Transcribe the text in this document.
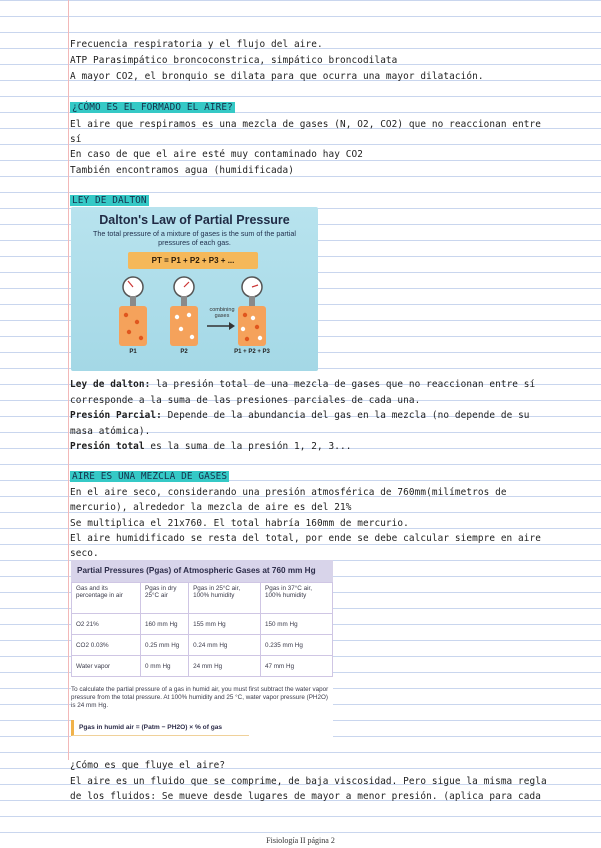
Frecuencia respiratoria y el flujo del aire.
ATP Parasimpático broncoconstrica, simpático broncodilata
A mayor CO2, el bronquio se dilata para que ocurra una mayor dilatación.
¿CÓMO ES EL FORMADO EL AIRE?
El aire que respiramos es una mezcla de gases (N, O2, CO2) que no reaccionan entre
sí
En caso de que el aire esté muy contaminado hay CO2
También encontramos agua (humidificada)
LEY DE DALTON
Dalton's Law of Partial Pressure
The total pressure of a mixture of gases is the sum of the partial pressures of each gas.
PT = P1 + P2 + P3 + ...
combining gases
P1	P2	P1 + P2 + P3
Ley de dalton: la presión total de una mezcla de gases que no reaccionan entre sí
corresponde a la suma de las presiones parciales de cada una.
Presión Parcial: Depende de la abundancia del gas en la mezcla (no depende de su
masa atómica).
Presión total es la suma de la presión 1, 2, 3...
AIRE ES UNA MEZCLA DE GASES
En el aire seco, considerando una presión atmosférica de 760mm(milímetros de
mercurio), alrededor la mezcla de aire es del 21%
Se multiplica el 21x760. El total habría 160mm de mercurio.
El aire humidificado se resta del total, por ende se debe calcular siempre en aire
seco.
Partial Pressures (Pgas) of Atmospheric Gases at 760 mm Hg
Gas and its percentage in air	Pgas in dry 25°C air	Pgas in 25°C air, 100% humidity	Pgas in 37°C air, 100% humidity
O2 21%	160 mm Hg	155 mm Hg	150 mm Hg
CO2 0.03%	0.25 mm Hg	0.24 mm Hg	0.235 mm Hg
Water vapor	0 mm Hg	24 mm Hg	47 mm Hg
To calculate the partial pressure of a gas in humid air, you must first subtract the water vapor pressure from the total pressure. At 100% humidity and 25 °C, water vapor pressure (PH2O) is 24 mm Hg.
Pgas in humid air = (Patm − PH2O) × % of gas
¿Cómo es que fluye el aire?
El aire es un fluido que se comprime, de baja viscosidad. Pero sigue la misma regla
de los fluidos: Se mueve desde lugares de mayor a menor presión. (aplica para cada
Fisiología II página 2
